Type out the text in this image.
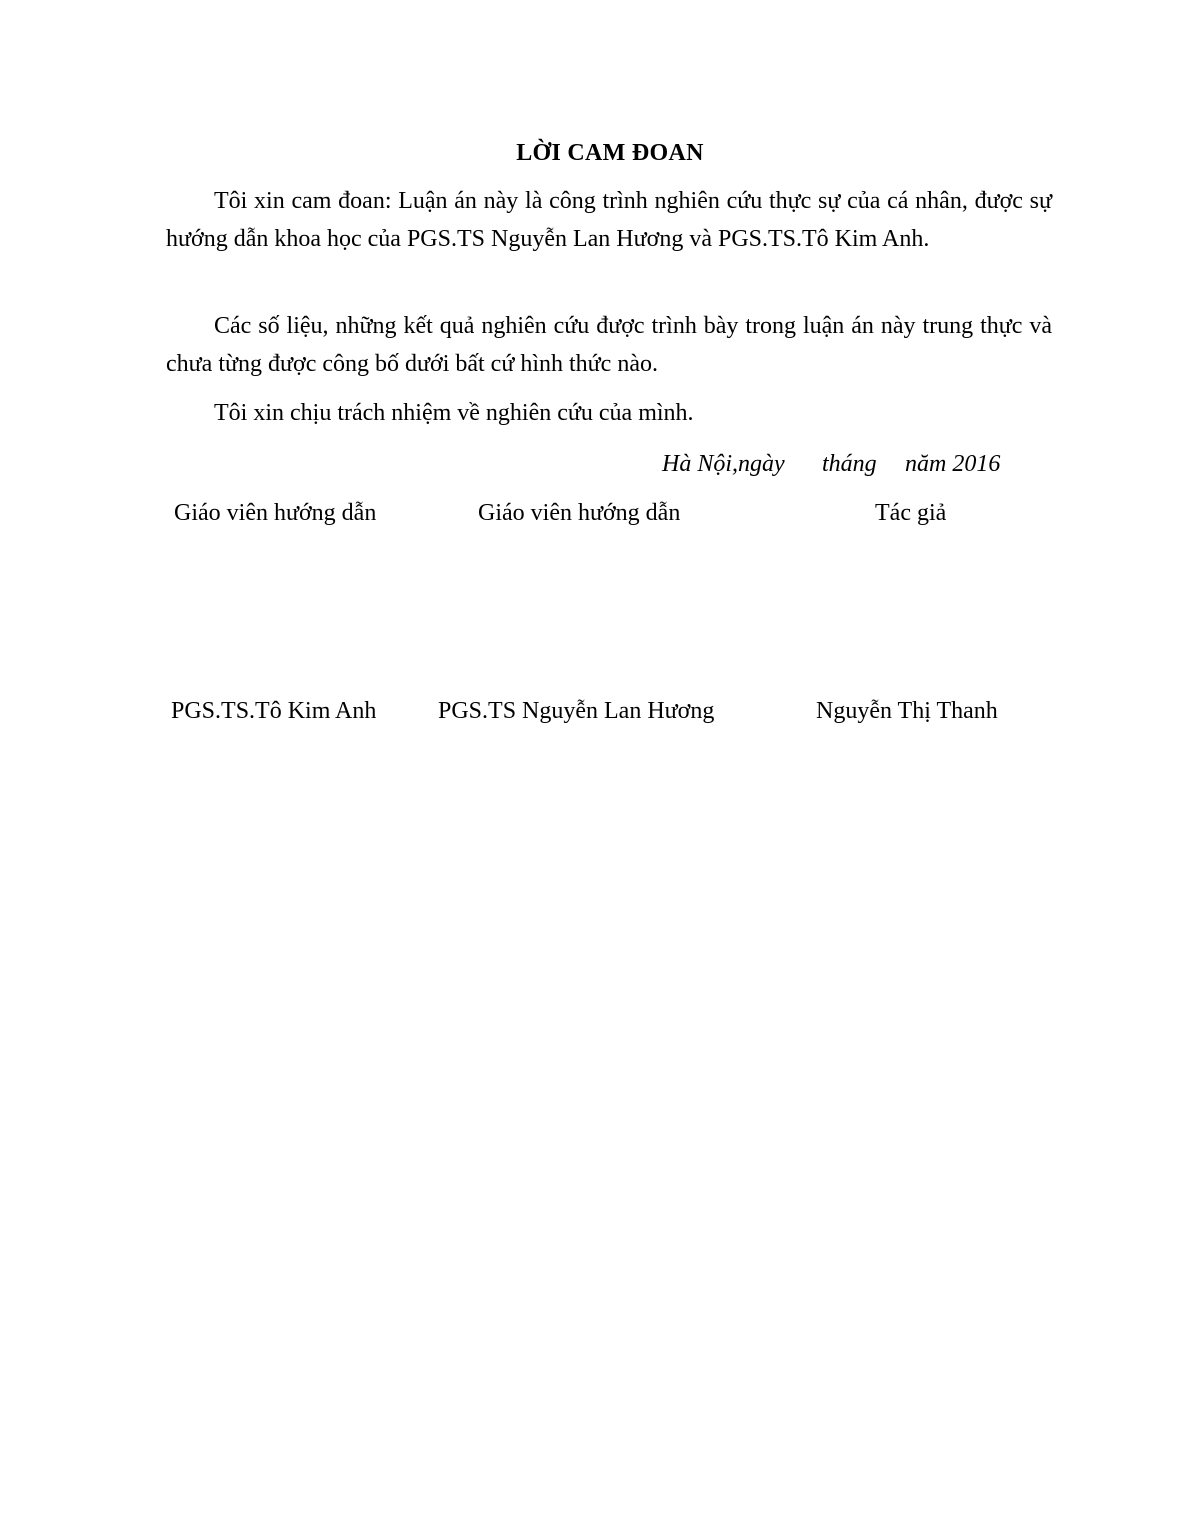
LỜI CAM ĐOAN
Tôi xin cam đoan: Luận án này là công trình nghiên cứu thực sự của cá nhân, được sự hướng dẫn khoa học của PGS.TS Nguyễn Lan Hương và PGS.TS.Tô Kim Anh.
Các số liệu, những kết quả nghiên cứu được trình bày trong luận án này trung thực và chưa từng được công bố dưới bất cứ hình thức nào.
Tôi xin chịu trách nhiệm về nghiên cứu của mình.
Hà Nội,ngày tháng năm 2016
Giáo viên hướng dẫn	Giáo viên hướng dẫn	Tác giả
PGS.TS.Tô Kim Anh	PGS.TS Nguyễn Lan Hương	Nguyễn Thị Thanh
